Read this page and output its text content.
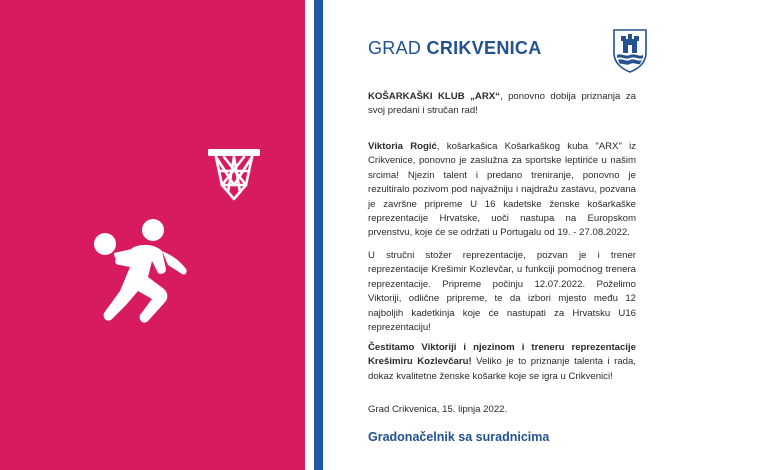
GRAD CRIKVENICA

KOŠARKAŠKI KLUB „ARX“, ponovno dobija priznanja za svoj predani i stručan rad!

Viktoria Rogić, košarkašica Košarkaškog kuba "ARX" iz Crikvenice, ponovno je zaslužna za sportske leptiriće u našim srcima! Njezin talent i predano treniranje, ponovno je rezultiralo pozivom pod najvažniju i najdražu zastavu, pozvana je završne pripreme U 16 kadetske ženske košarkaške reprezentacije Hrvatske, uoči nastupa na Europskom prvenstvu, koje će se održati u Portugalu od 19. - 27.08.2022.

U stručni stožer reprezentacije, pozvan je i trener reprezentacije Krešimir Kozlevčar, u funkciji pomoćnog trenera reprezentacije. Pripreme počinju 12.07.2022. Poželimo Viktoriji, odlične pripreme, te da izbori mjesto među 12 najboljih kadetkinja koje će nastupati za Hrvatsku U16 reprezentaciju!

Čestitamo Viktoriji i njezinom i treneru reprezentacije Krešimiru Kozlevčaru! Veliko je to priznanje talenta i rada, dokaz kvalitetne ženske košarke koje se igra u Crikvenici!

Grad Crikvenica, 15. lipnja 2022.

Gradonačelnik sa suradnicima
